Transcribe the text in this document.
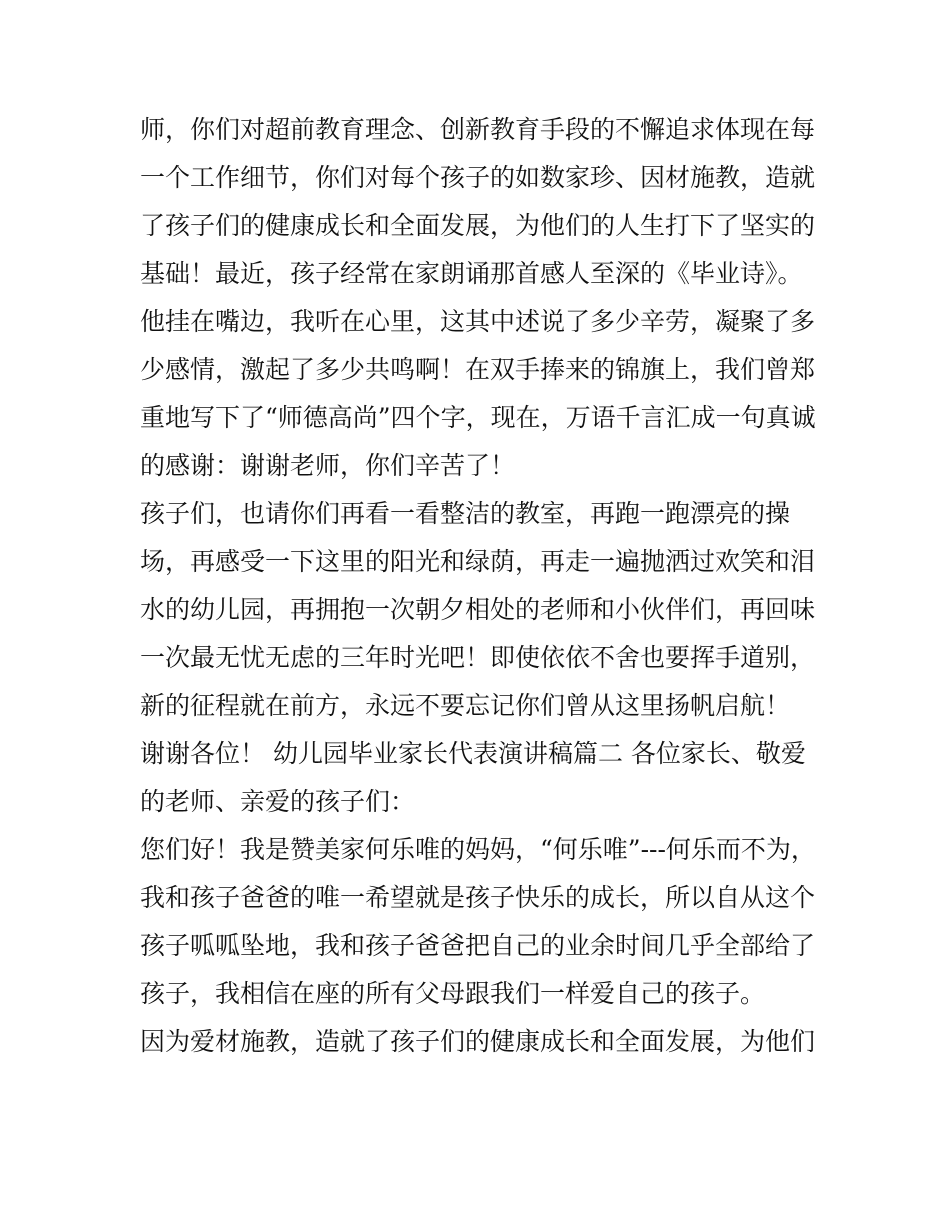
师，你们对超前教育理念、创新教育手段的不懈追求体现在每
一个工作细节，你们对每个孩子的如数家珍、因材施教，造就
了孩子们的健康成长和全面发展，为他们的人生打下了坚实的
基础！最近，孩子经常在家朗诵那首感人至深的《毕业诗》。
他挂在嘴边，我听在心里，这其中述说了多少辛劳，凝聚了多
少感情，激起了多少共鸣啊！在双手捧来的锦旗上，我们曾郑
重地写下了“师德高尚”四个字，现在，万语千言汇成一句真诚
的感谢：谢谢老师，你们辛苦了！
孩子们，也请你们再看一看整洁的教室，再跑一跑漂亮的操
场，再感受一下这里的阳光和绿荫，再走一遍抛洒过欢笑和泪
水的幼儿园，再拥抱一次朝夕相处的老师和小伙伴们，再回味
一次最无忧无虑的三年时光吧！即使依依不舍也要挥手道别，
新的征程就在前方，永远不要忘记你们曾从这里扬帆启航！
谢谢各位！ 幼儿园毕业家长代表演讲稿篇二 各位家长、敬爱
的老师、亲爱的孩子们：
您们好！我是赞美家何乐唯的妈妈，“何乐唯”---何乐而不为，
我和孩子爸爸的唯一希望就是孩子快乐的成长，所以自从这个
孩子呱呱坠地，我和孩子爸爸把自己的业余时间几乎全部给了
孩子，我相信在座的所有父母跟我们一样爱自己的孩子。
因为爱材施教，造就了孩子们的健康成长和全面发展，为他们
